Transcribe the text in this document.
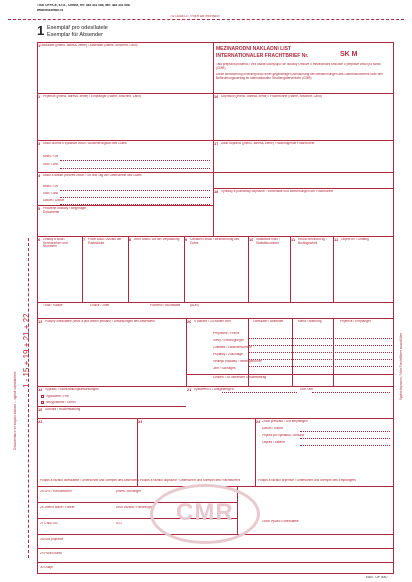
TISK OFFICE, s.r.o., Chrášť, tel: 483 341 088, fax: 483 341 088
www.tiskoffice.cz
TU ODDĚLIT / HIER ABTRENNEN
1 Exemplář pro odesílatele
Exemplar für Absender
Odesílatel (jméno, adresa, země) / Absender (Name, Anschrift, Land)
1
MEZINÁRODNÍ NÁKLADNÍ LIST
INTERNATIONALER FRACHTBRIEF Nr.	SK M
Tato přeprava podléhá, i bez každé odchylující se doložky Úmluvě o mezinárodní smlouvě o přepravě zboží po silnici (CMR).
Diese Beförderung unterliegt trotz einer gegenteiligen Abmachung den Bestimmungen des Übereinkommens über den Beförderungsvertrag im internationalen Straßengüterverkehr (CMR).
2 Příjemce (jméno, adresa, země) / Empfänger (Name, Anschrift, Land)	16 Dopravce (jméno, adresa, země) / Frachtführer (Name, Anschrift, Land)
3 Místo určené k vykládce zboží / Auslieferungsort des Gutes
Místo / Ort
Stát / Land
17 Další dopravci (jméno, adresa, země) / Nachfolgende Frachtführer
4 Místo a datum převzetí zboží / Ort und Tag der Übernahme des Gutes
Místo / Ort
Stát / Land
Datum / Datum
18 Výhrady a poznámky dopravce / Vorbehalte und Bemerkungen der Frachtführer
5 Přiložené doklady / Beigefügte Dokumente
6 Značky a čísla / Kennzeichen und Nummern
7 Počet kusů / Anzahl der Packstücke
8 Druh obalu / Art der Verpackung	9 Označení zboží / Bezeichnung des Gutes
10 Statistické číslo / Statistiknummer
11 Hrubá hmotnost kg / Bruttogewicht
12 Objem m³ / Umfang
Třída / Klasse	Číslice / Ziffer	Písmeno / Buchstabe	(ADR)
13 Pokyny odesílatele (celní a jiná úřední jednání) / Anweisungen des Absenders	20 K placení / Zu zahlen vom	Odesílatel / Absender	Měna / Währung	Příjemce / Empfänger
Přepravné / Fracht
Slevy / Ermäßigungen
Zůstatek / Zwischensumme
Příplatky / Zuschläge
Vedlejší poplatky / Nebengebühren
Jiné / Sonstiges
Celkem / Zu zahlender Gesamtbetrag
14 Výplata / Frachtzahlungsanweisungen
Vyplaceně / Frei
Nevyplaceně / Unfrei
21 Vystaveno v / Ausgefertigt in	Dne / am
15 Dobírka / Rückerstattung
22	23	24 Zboží převzato / Gut empfangen
Datum / Datum
Příjezd pro vykládku / Ankunft
Odjezd / Abfahrt
Podpis a razítko odesílatele / Unterschrift und Stempel des Absenders Podpis a razítko dopravce / Unterschrift und Stempel des Frachtführers	Podpis a razítko příjemce / Unterschrift und Stempel des Empfängers
25 SPZ / Kennzeichen	přívěs / Anhänger
26 Jméno řidiče / Fahrer	Druh vozidla / Fahrzeugtyp
27 Číslo DIČ	IČO
28 Kód příjemce
29 Počet úseků
30 Údaje
Zboží vyložit u odesílatele
CMR
Dokumentace ve smyslu zákona ... vyplnit odesílatelem
1 - 15 + 19 + 21 + 22	Vyplní dopravce / Vom Frachtführer auszufüllen
EAN - OP 0007
